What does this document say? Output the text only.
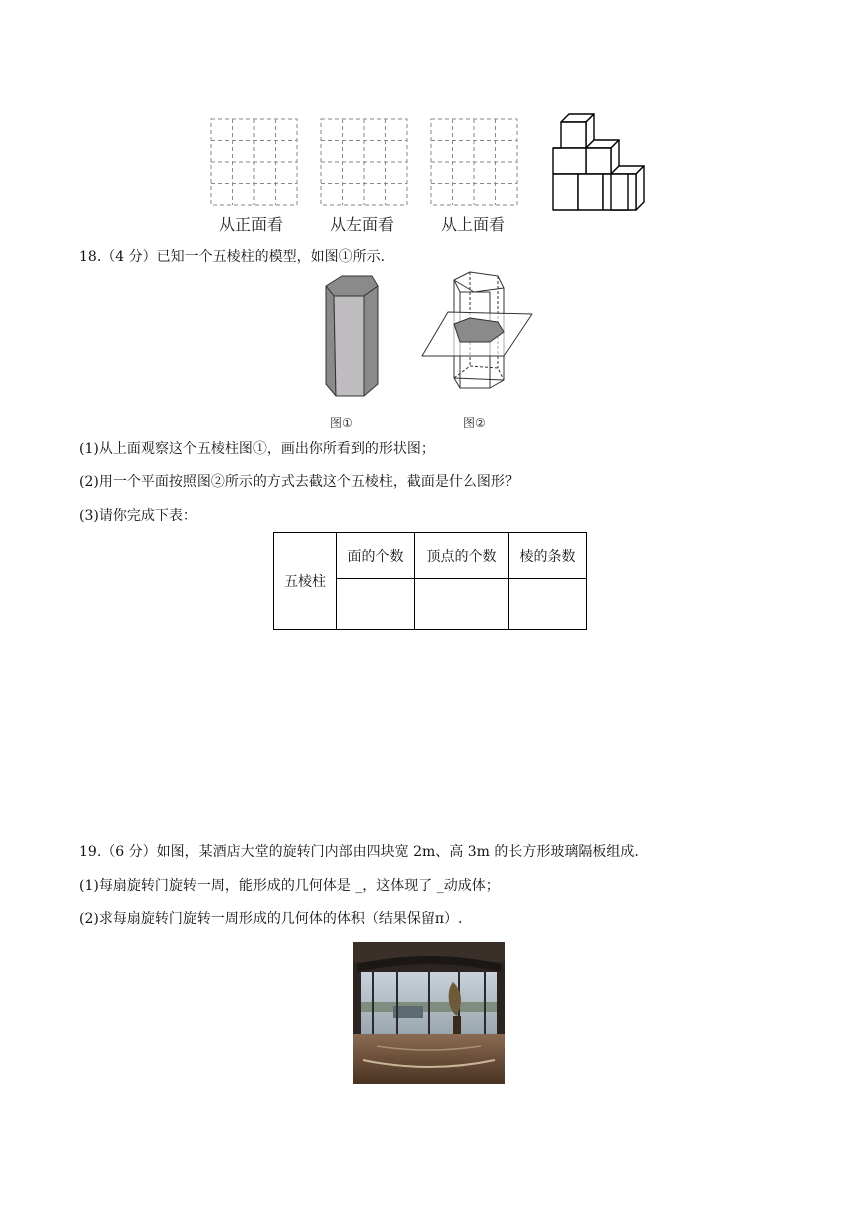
从正面看	从左面看	从上面看
18.（4 分）已知一个五棱柱的模型，如图①所示.
图①	图②
(1)从上面观察这个五棱柱图①，画出你所看到的形状图；
(2)用一个平面按照图②所示的方式去截这个五棱柱，截面是什么图形？
(3)请你完成下表：
五棱柱	面的个数	顶点的个数	棱的条数

19.（6 分）如图，某酒店大堂的旋转门内部由四块宽 2m、高 3m 的长方形玻璃隔板组成.
(1)每扇旋转门旋转一周，能形成的几何体是 _，这体现了 _动成体；
(2)求每扇旋转门旋转一周形成的几何体的体积（结果保留π）.
